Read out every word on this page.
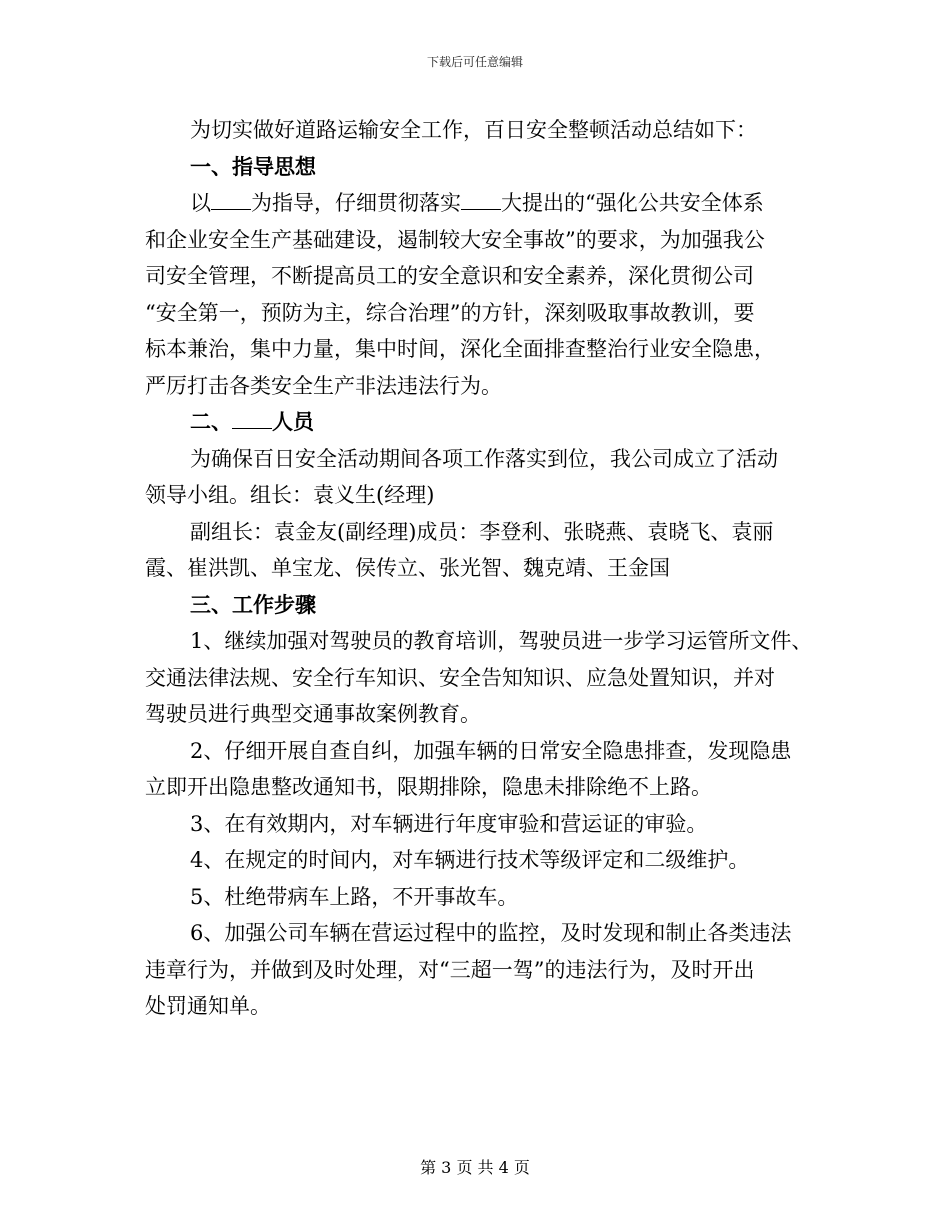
下载后可任意编辑

为切实做好道路运输安全工作，百日安全整顿活动总结如下：

一、指导思想

以 为指导，仔细贯彻落实 大提出的“强化公共安全体系

和企业安全生产基础建设，遏制较大安全事故”的要求，为加强我公

司安全管理，不断提高员工的安全意识和安全素养，深化贯彻公司

“安全第一，预防为主，综合治理”的方针，深刻吸取事故教训，要

标本兼治，集中力量，集中时间，深化全面排查整治行业安全隐患，

严厉打击各类安全生产非法违法行为。

二、 人员

为确保百日安全活动期间各项工作落实到位，我公司成立了活动

领导小组。组长：袁义生(经理)

副组长：袁金友(副经理)成员：李登利、张晓燕、袁晓飞、袁丽

霞、崔洪凯、单宝龙、侯传立、张光智、魏克靖、王金国

三、工作步骤

1、继续加强对驾驶员的教育培训，驾驶员进一步学习运管所文件、

交通法律法规、安全行车知识、安全告知知识、应急处置知识，并对

驾驶员进行典型交通事故案例教育。

2、仔细开展自查自纠，加强车辆的日常安全隐患排查，发现隐患

立即开出隐患整改通知书，限期排除，隐患未排除绝不上路。

3、在有效期内，对车辆进行年度审验和营运证的审验。

4、在规定的时间内，对车辆进行技术等级评定和二级维护。

5、杜绝带病车上路，不开事故车。

6、加强公司车辆在营运过程中的监控，及时发现和制止各类违法

违章行为，并做到及时处理，对“三超一驾”的违法行为，及时开出

处罚通知单。

第 3 页 共 4 页
